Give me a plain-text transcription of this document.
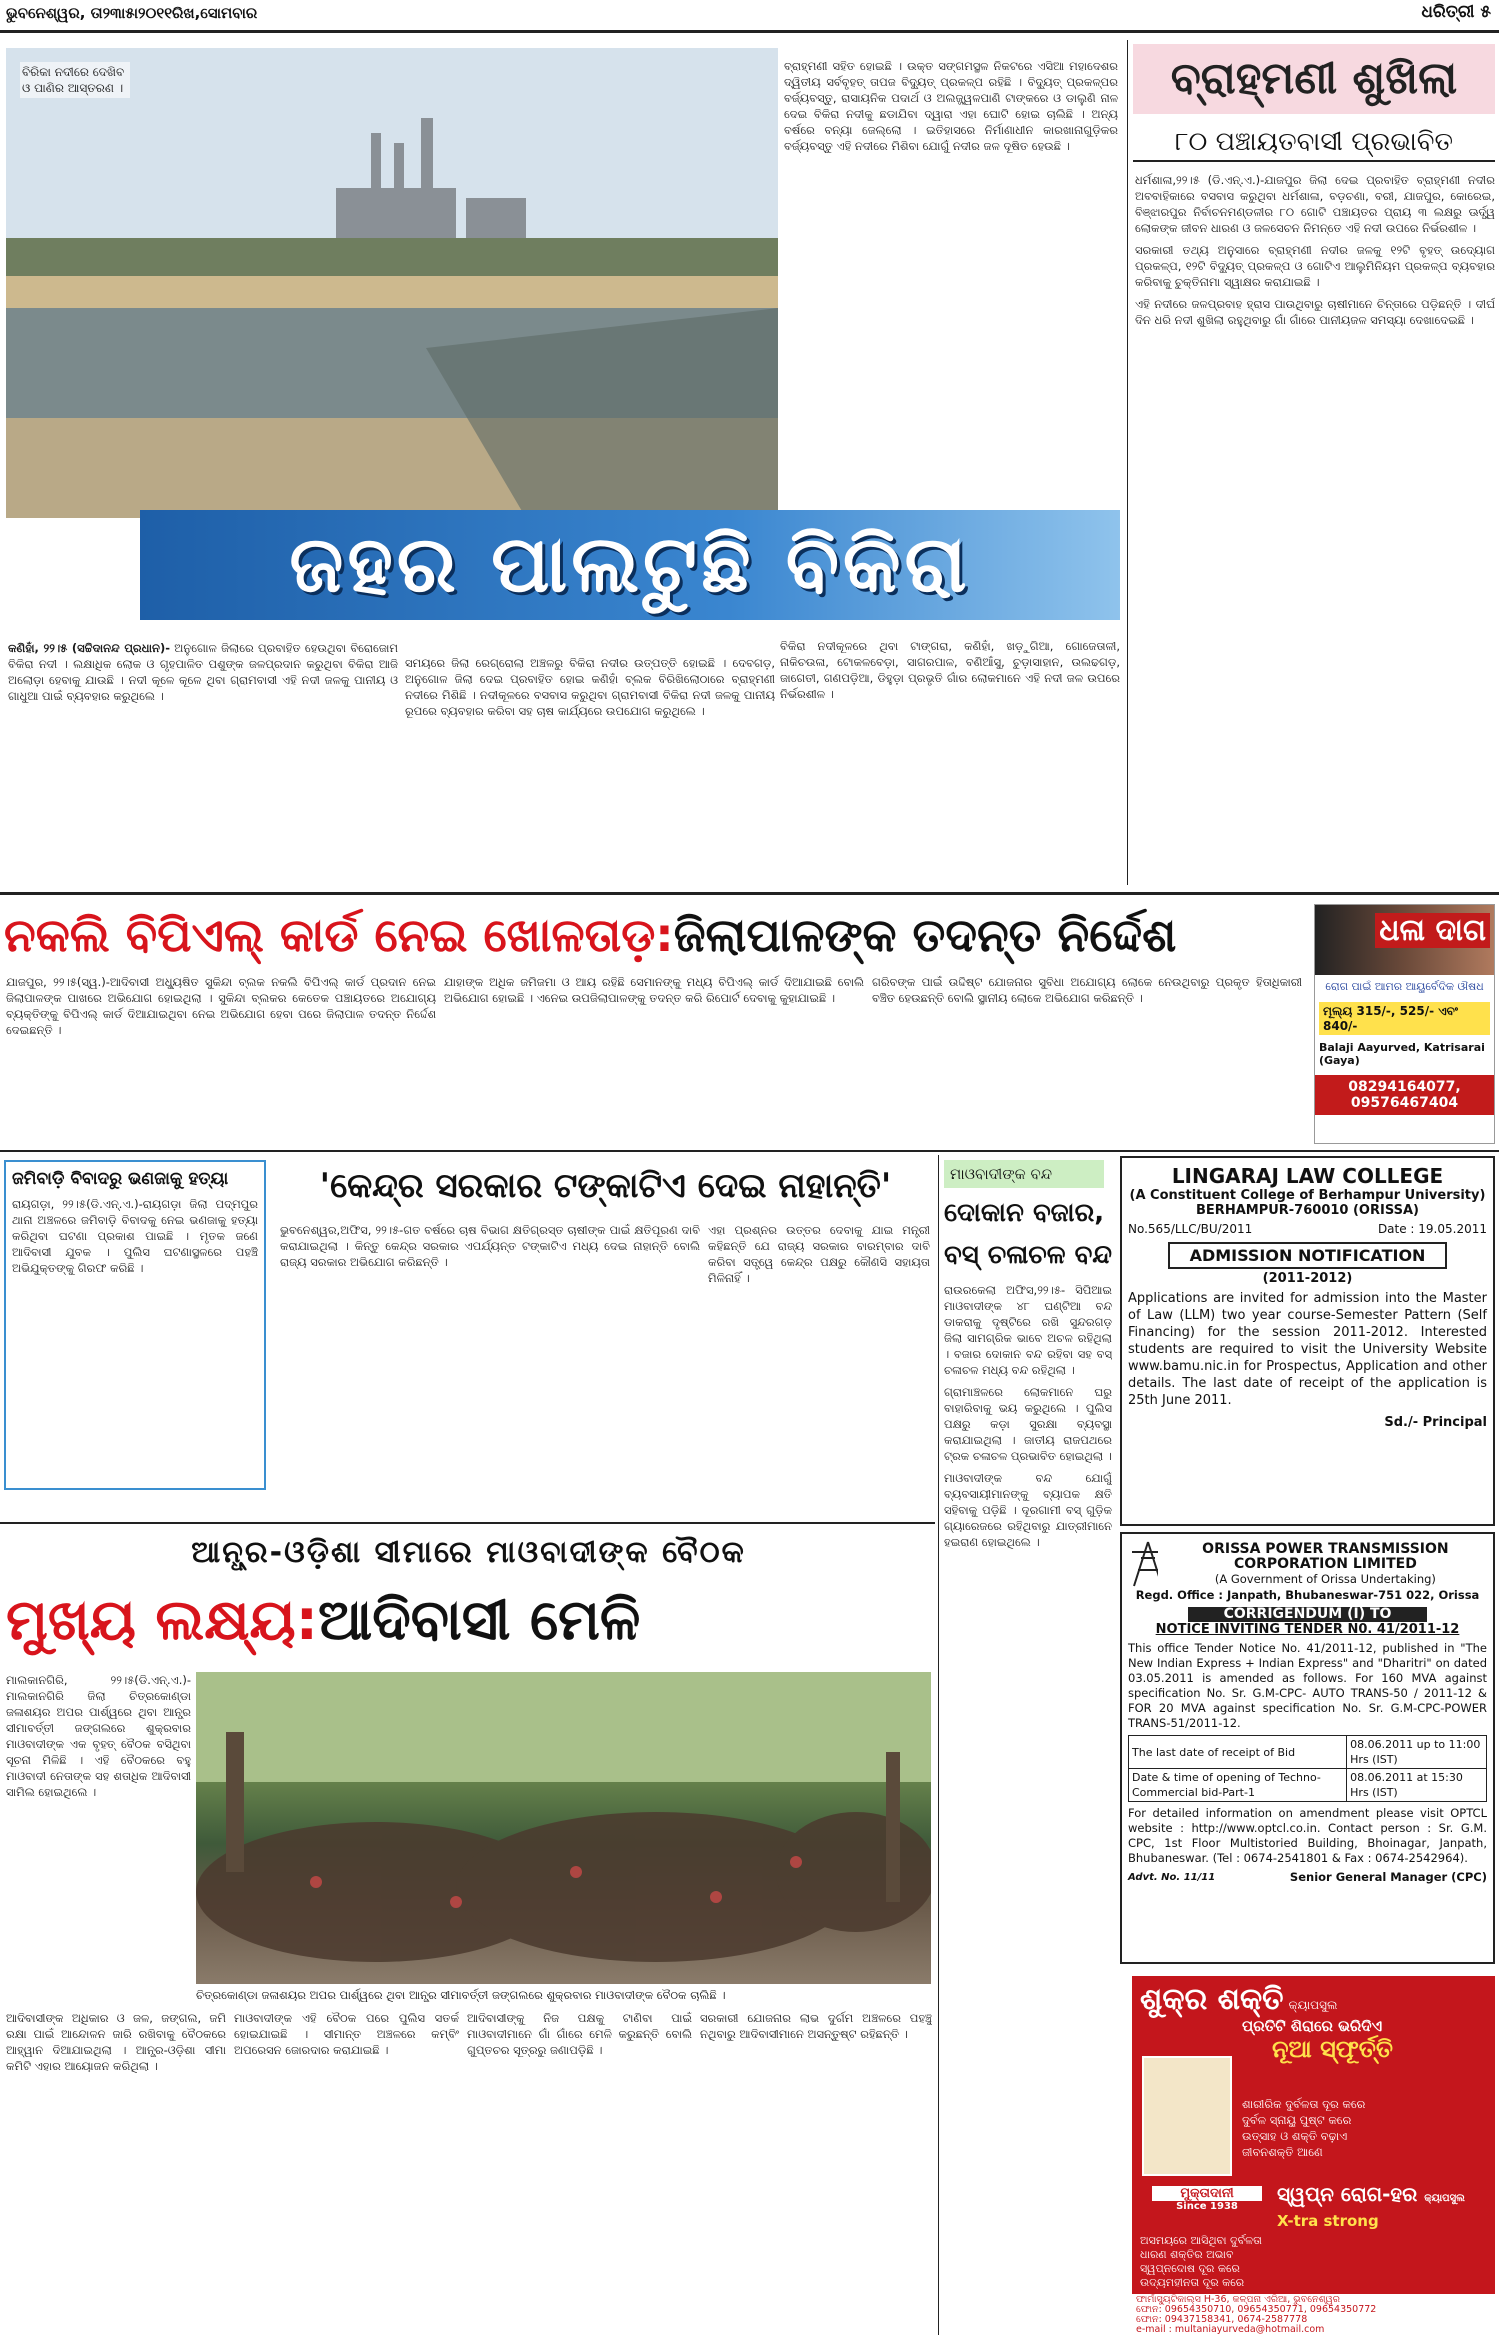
ଭୁବନେଶ୍ୱର, ତା୨୩ା୫ା୨୦୧୧ରିଖ,ସୋମବାର	ଧରିତ୍ରୀ ୫
ବିରିକା ନଦୀରେ ଦେଖିବ ଓ ପାଣିର ଆସ୍ତରଣ ।
ଜହର ପାଲଟୁଛି ବିକିରା
ବ୍ରାହ୍ମଣୀ ସହିତ ହୋଇଛି । ଉକ୍ତ ସଙ୍ଗମସ୍ଥଳ ନିକଟରେ ଏସିଆ ମହାଦେଶର ଦ୍ୱିତୀୟ ସର୍ବବୃହତ୍ ତାପଜ ବିଦ୍ୟୁତ୍ ପ୍ରକଳ୍ପ ରହିଛି । ବିଦ୍ୟୁତ୍ ପ୍ରକଳ୍ପର ବର୍ଜ୍ୟବସ୍ତୁ, ରାସାୟନିକ ପଦାର୍ଥ ଓ ଅଲଜ୍ଜ୍ୱଳପାଣି ଟାଙ୍କରେ ଓ ଡାଲୁଣି ନାଳ ଦେଇ ବିକିରା ନଦୀକୁ ଛଡାଯିବା ଦ୍ୱାରା ଏହା ଘୋଟି ହୋଇ ଚାଲିଛି । ଅନ୍ୟ ବର୍ଷରେ ବନ୍ୟା ଜେଲ୍ଲୋ । ଇତିହାସରେ ନିର୍ମାଣାଧୀନ କାରଖାନାଗୁଡ଼ିକର ବର୍ଜ୍ୟବସ୍ତୁ ଏହି ନଦୀରେ ମିଶିବା ଯୋଗୁଁ ନଦୀର ଜଳ ଦୂଷିତ ହେଉଛି ।
କଣିହାଁ, ୨୨।୫ (ସଚ୍ଚିଦାନନ୍ଦ ପ୍ରଧାନ)- ଅନୁଗୋଳ ଜିଲାରେ ପ୍ରବାହିତ ହେଉଥିବା ବିରୋଜୋମ ବିକିରା ନଦୀ । ଲକ୍ଷାଧିକ ଲୋକ ଓ ଗୃହପାଳିତ ପଶୁଙ୍କ ଜଳପ୍ରଦାନ କରୁଥିବା ବିକିରା ଆଜି ଅଲୋଡ଼ା ହେବାକୁ ଯାଉଛି । ନଦୀ କୂଳେ କୂଳେ ଥିବା ଗ୍ରାମବାସୀ ଏହି ନଦୀ ଜଳକୁ ପାନୀୟ ଓ ଗାଧୁଆ ପାଇଁ ବ୍ୟବହାର କରୁଥିଲେ ।
ସମୟରେ ଜିଲା ରେଗ୍ରୋଲା ଅଞ୍ଚଳରୁ ବିକିରା ନଦୀର ଉତ୍ପତ୍ତି ହୋଇଛି । ଦେବଗଡ଼, ଅନୁଗୋଳ ଜିଲା ଦେଇ ପ୍ରବାହିତ ହୋଇ କଣିହାଁ ବ୍ଲକ ବିରିଖିଲୋଠାରେ ବ୍ରାହ୍ମଣୀ ନଦୀରେ ମିଶିଛି । ନଦୀକୂଳରେ ବସବାସ କରୁଥିବା ଗ୍ରାମବାସୀ ବିକିରା ନଦୀ ଜଳକୁ ପାନୀୟ ରୂପରେ ବ୍ୟବହାର କରିବା ସହ ଚାଷ କାର୍ଯ୍ୟରେ ଉପଯୋଗ କରୁଥିଲେ ।
ବିକିରା ନଦୀକୂଳରେ ଥିବା ଟାଙ୍ଗରା, କଣିହାଁ, ଖଡ଼ୁଗିଆ, ଗୋଜେତାଳୀ, ନାକିଚଉଳା, ଟୋକଳବେଡ଼ା, ସାଗରପାଳ, ବଣିଆଁସୁ, ଚୁଡ଼ାସାହାନ, ଉଲଢଗଡ଼, ଜାଗେତୀ, ଗଣପଡ଼ିଆ, ଡିହୁଡ଼ା ପ୍ରଭୃତି ଗାଁର ଲୋକମାନେ ଏହି ନଦୀ ଜଳ ଉପରେ ନିର୍ଭରଶୀଳ ।
ବ୍ରାହ୍ମଣୀ ଶୁଖିଲା
୮୦ ପଞ୍ଚାୟତବାସୀ ପ୍ରଭାବିତ

ଧର୍ମଶାଳା,୨୨।୫ (ଡି.ଏନ୍.ଏ.)-ଯାଜପୁର ଜିଲା ଦେଇ ପ୍ରବାହିତ ବ୍ରାହ୍ମଣୀ ନଦୀର ଅବବାହିକାରେ ବସବାସ କରୁଥିବା ଧର୍ମଶାଳା, ବଡ଼ଚଣା, ବରୀ, ଯାଜପୁର, କୋରେଇ, ବିଞ୍ଝାରପୁର ନିର୍ବାଚନମଣ୍ଡଳୀର ୮୦ ଗୋଟି ପଞ୍ଚାୟତର ପ୍ରାୟ ୩ ଲକ୍ଷରୁ ଊର୍ଦ୍ଧ୍ୱ ଲୋକଙ୍କ ଜୀବନ ଧାରଣ ଓ ଜଳସେଚନ ନିମନ୍ତେ ଏହି ନଦୀ ଉପରେ ନିର୍ଭରଶୀଳ ।

ସରକାରୀ ତଥ୍ୟ ଅନୁସାରେ ବ୍ରାହ୍ମଣୀ ନଦୀର ଜଳକୁ ୧୨ଟି ବୃହତ୍ ଉଦ୍ୟୋଗ ପ୍ରକଳ୍ପ, ୧୨ଟି ବିଦ୍ୟୁତ୍ ପ୍ରକଳ୍ପ ଓ ଗୋଟିଏ ଆଲୁମିନିୟମ ପ୍ରକଳ୍ପ ବ୍ୟବହାର କରିବାକୁ ଚୁକ୍ତିନାମା ସ୍ୱାକ୍ଷର କରାଯାଇଛି ।

ଏହି ନଦୀରେ ଜଳପ୍ରବାହ ହ୍ରାସ ପାଉଥିବାରୁ ଚାଷୀମାନେ ଚିନ୍ତାରେ ପଡ଼ିଛନ୍ତି । ଦୀର୍ଘ ଦିନ ଧରି ନଦୀ ଶୁଖିଲା ରହୁଥିବାରୁ ଗାଁ ଗାଁରେ ପାନୀୟଜଳ ସମସ୍ୟା ଦେଖାଦେଇଛି ।

ନକଲି ବିପିଏଲ୍ କାର୍ଡ ନେଇ ଖୋଳତାଡ଼:ଜିଲାପାଳଙ୍କ ତଦନ୍ତ ନିର୍ଦ୍ଦେଶ
ଯାଜପୁର, ୨୨।୫(ସ୍ୱ.)-ଆଦିବାସୀ ଅଧ୍ୟୁଷିତ ସୁକିନ୍ଦା ବ୍ଲକ ନକଲି ବିପିଏଲ୍ କାର୍ଡ ପ୍ରଦାନ ନେଇ ଜିଲାପାଳଙ୍କ ପାଖରେ ଅଭିଯୋଗ ହୋଇଥିଲା । ସୁକିନ୍ଦା ବ୍ଲକର କେତେକ ପଞ୍ଚାୟତରେ ଅଯୋଗ୍ୟ ବ୍ୟକ୍ତିଙ୍କୁ ବିପିଏଲ୍ କାର୍ଡ ଦିଆଯାଇଥିବା ନେଇ ଅଭିଯୋଗ ହେବା ପରେ ଜିଲାପାଳ ତଦନ୍ତ ନିର୍ଦ୍ଦେଶ ଦେଇଛନ୍ତି ।
ଯାହାଙ୍କ ଅଧିକ ଜମିଜମା ଓ ଆୟ ରହିଛି ସେମାନଙ୍କୁ ମଧ୍ୟ ବିପିଏଲ୍ କାର୍ଡ ଦିଆଯାଇଛି ବୋଲି ଅଭିଯୋଗ ହୋଇଛି । ଏନେଇ ଉପଜିଲାପାଳଙ୍କୁ ତଦନ୍ତ କରି ରିପୋର୍ଟ ଦେବାକୁ କୁହାଯାଇଛି ।
ଗରିବଙ୍କ ପାଇଁ ଉଦ୍ଦିଷ୍ଟ ଯୋଜନାର ସୁବିଧା ଅଯୋଗ୍ୟ ଲୋକେ ନେଉଥିବାରୁ ପ୍ରକୃତ ହିତାଧିକାରୀ ବଞ୍ଚିତ ହେଉଛନ୍ତି ବୋଲି ସ୍ଥାନୀୟ ଲୋକେ ଅଭିଯୋଗ କରିଛନ୍ତି ।
ଧଳା ଦାଗ
ରୋଗ ପାଇଁ ଆମର ଆୟୁର୍ବେଦିକ ଔଷଧ
ମୂଲ୍ୟ 315/-, 525/- ଏବଂ 840/-
Balaji Aayurved, Katrisarai (Gaya)
08294164077, 09576467404
ଜମିବାଡ଼ି ବିବାଦରୁ ଭଣଜାକୁ ହତ୍ୟା
ରାୟଗଡ଼ା, ୨୨।୫(ଡି.ଏନ୍.ଏ.)-ରାୟଗଡ଼ା ଜିଲା ପଦ୍ମପୁର ଥାନା ଅଞ୍ଚଳରେ ଜମିବାଡ଼ି ବିବାଦକୁ ନେଇ ଭଣଜାକୁ ହତ୍ୟା କରିଥିବା ଘଟଣା ପ୍ରକାଶ ପାଇଛି । ମୃତକ ଜଣେ ଆଦିବାସୀ ଯୁବକ । ପୁଲିସ ଘଟଣାସ୍ଥଳରେ ପହଞ୍ଚି ଅଭିଯୁକ୍ତଙ୍କୁ ଗିରଫ କରିଛି ।
'କେନ୍ଦ୍ର ସରକାର ଟଙ୍କାଟିଏ ଦେଇ ନାହାନ୍ତି'
ଭୁବନେଶ୍ୱର,ଅଫିସ, ୨୨।୫-ଗତ ବର୍ଷରେ ଚାଷ ବିଭାଗ କ୍ଷତିଗ୍ରସ୍ତ ଚାଷୀଙ୍କ ପାଇଁ କ୍ଷତିପୂରଣ ଦାବି କରାଯାଇଥିଲା । କିନ୍ତୁ କେନ୍ଦ୍ର ସରକାର ଏପର୍ଯ୍ୟନ୍ତ ଟଙ୍କାଟିଏ ମଧ୍ୟ ଦେଇ ନାହାନ୍ତି ବୋଲି ରାଜ୍ୟ ସରକାର ଅଭିଯୋଗ କରିଛନ୍ତି ।
ଏହା ପ୍ରଶ୍ନର ଉତ୍ତର ଦେବାକୁ ଯାଇ ମନ୍ତ୍ରୀ କହିଛନ୍ତି ଯେ ରାଜ୍ୟ ସରକାର ବାରମ୍ବାର ଦାବି କରିବା ସତ୍ତ୍ୱେ କେନ୍ଦ୍ର ପକ୍ଷରୁ କୌଣସି ସହାୟତା ମିଳିନାହିଁ ।
ମାଓବାଦୀଙ୍କ ବନ୍ଦ
ଦୋକାନ ବଜାର, ବସ୍ ଚଳାଚଳ ବନ୍ଦ

ରାଉରକେଲା ଅଫିସ,୨୨।୫- ସିପିଆଇ ମାଓବାଦୀଙ୍କ ୪୮ ଘଣ୍ଟିଆ ବନ୍ଦ ଡାକରାକୁ ଦୃଷ୍ଟିରେ ରଖି ସୁନ୍ଦରଗଡ଼ ଜିଲା ସାମଗ୍ରିକ ଭାବେ ଅଚଳ ରହିଥିଲା । ବଜାର ଦୋକାନ ବନ୍ଦ ରହିବା ସହ ବସ୍ ଚଳାଚଳ ମଧ୍ୟ ବନ୍ଦ ରହିଥିଲା ।

ଗ୍ରାମାଞ୍ଚଳରେ ଲୋକମାନେ ଘରୁ ବାହାରିବାକୁ ଭୟ କରୁଥିଲେ । ପୁଲିସ ପକ୍ଷରୁ କଡ଼ା ସୁରକ୍ଷା ବ୍ୟବସ୍ଥା କରାଯାଇଥିଲା । ଜାତୀୟ ରାଜପଥରେ ଟ୍ରକ ଚଳାଚଳ ପ୍ରଭାବିତ ହୋଇଥିଲା ।

ମାଓବାଦୀଙ୍କ ବନ୍ଦ ଯୋଗୁଁ ବ୍ୟବସାୟୀମାନଙ୍କୁ ବ୍ୟାପକ କ୍ଷତି ସହିବାକୁ ପଡ଼ିଛି । ଦୂରଗାମୀ ବସ୍ ଗୁଡ଼ିକ ଗ୍ୟାରେଜରେ ରହିଥିବାରୁ ଯାତ୍ରୀମାନେ ହଇରାଣ ହୋଇଥିଲେ ।

LINGARAJ LAW COLLEGE
(A Constituent College of Berhampur University)
BERHAMPUR-760010 (ORISSA)
No.565/LLC/BU/2011	Date : 19.05.2011
ADMISSION NOTIFICATION
(2011-2012)
Applications are invited for admission into the Master of Law (LLM) two year course-Semester Pattern (Self Financing) for the session 2011-2012. Interested students are required to visit the University Website www.bamu.nic.in for Prospectus, Application and other details. The last date of receipt of the application is 25th June 2011.
Sd./- Principal
ORISSA POWER TRANSMISSION CORPORATION LIMITED
(A Government of Orissa Undertaking)
Regd. Office : Janpath, Bhubaneswar-751 022, Orissa
CORRIGENDUM (I) TO
NOTICE INVITING TENDER N0. 41/2011-12
This office Tender Notice No. 41/2011-12, published in "The New Indian Express + Indian Express" and "Dharitri" on dated 03.05.2011 is amended as follows. For 160 MVA against specification No. Sr. G.M-CPC- AUTO TRANS-50 / 2011-12 & FOR 20 MVA against specification No. Sr. G.M-CPC-POWER TRANS-51/2011-12.
The last date of receipt of Bid	08.06.2011 up to 11:00 Hrs (IST)
Date & time of opening of Techno-Commercial bid-Part-1	08.06.2011 at 15:30 Hrs (IST)
For detailed information on amendment please visit OPTCL website : http://www.optcl.co.in. Contact person : Sr. G.M. CPC, 1st Floor Multistoried Building, Bhoinagar, Janpath, Bhubaneswar. (Tel : 0674-2541801 & Fax : 0674-2542964).
Advt. No. 11/11	Senior General Manager (CPC)
ଶୁକ୍ର ଶକ୍ତି କ୍ୟାପସୁଲ
ପ୍ରତିଟି ଶିରାରେ ଭରିଦିଏ
ନୂଆ ସ୍ଫୂର୍ତ୍ତି
ଶାରୀରିକ ଦୁର୍ବଳତା ଦୂର କରେ
ଦୁର୍ବଳ ସ୍ନାୟୁ ପୁଷ୍ଟ କରେ
ଉତ୍ସାହ ଓ ଶକ୍ତି ବଢ଼ାଏ
ଜୀବନଶକ୍ତି ଆଣେ
ମୁକ୍ତାଦାନୀ
Since 1938
ସ୍ୱପ୍ନ ରୋଗ-ହର କ୍ୟାପସୁଲ
X-tra strong
ଅସମୟରେ ଆସିଥିବା ଦୁର୍ବଳତା
ଧାରଣ ଶକ୍ତିର ଅଭାବ
ସ୍ୱପ୍ନଦୋଷ ଦୂର କରେ
ଉଦ୍ୟମହୀନତା ଦୂର କରେ
ଫାର୍ମାସ୍ୟୁଟିକାଲ୍ସ H-36, କଳ୍ପନା ଏରିଆ, ଭୁବନେଶ୍ୱର
ଫୋନ: 09654350710, 09654350771, 09654350772
ଫୋନ: 09437158341, 0674-2587778
e-mail : multaniayurveda@hotmail.com
ଆନ୍ଧ୍ର-ଓଡ଼ିଶା ସୀମାରେ ମାଓବାଦୀଙ୍କ ବୈଠକ
ମୁଖ୍ୟ ଲକ୍ଷ୍ୟ:ଆଦିବାସୀ ମେଳି
ମାଲକାନଗିରି, ୨୨।୫(ଡି.ଏନ୍.ଏ.)- ମାଲକାନଗିରି ଜିଲା ଚିତ୍ରକୋଣ୍ଡା ଜଳାଶୟର ଅପର ପାର୍ଶ୍ୱରେ ଥିବା ଆନ୍ଧ୍ର ସୀମାବର୍ତ୍ତୀ ଜଙ୍ଗଲରେ ଶୁକ୍ରବାର ମାଓବାଦୀଙ୍କ ଏକ ବୃହତ୍ ବୈଠକ ବସିଥିବା ସୂଚନା ମିଳିଛି । ଏହି ବୈଠକରେ ବହୁ ମାଓବାଦୀ ନେତାଙ୍କ ସହ ଶତାଧିକ ଆଦିବାସୀ ସାମିଲ ହୋଇଥିଲେ ।
ଚିତ୍ରକୋଣ୍ଡା ଜଳାଶୟର ଅପର ପାର୍ଶ୍ୱରେ ଥିବା ଆନ୍ଧ୍ର ସୀମାବର୍ତ୍ତୀ ଜଙ୍ଗଲରେ ଶୁକ୍ରବାର ମାଓବାଦୀଙ୍କ ବୈଠକ ଚାଲିଛି ।
ଆଦିବାସୀଙ୍କ ଅଧିକାର ଓ ଜଳ, ଜଙ୍ଗଲ, ଜମି ରକ୍ଷା ପାଇଁ ଆନ୍ଦୋଳନ ଜାରି ରଖିବାକୁ ବୈଠକରେ ଆହ୍ୱାନ ଦିଆଯାଇଥିଲା । ଆନ୍ଧ୍ର-ଓଡ଼ିଶା ସୀମା କମିଟି ଏହାର ଆୟୋଜନ କରିଥିଲା ।
ମାଓବାଦୀଙ୍କ ଏହି ବୈଠକ ପରେ ପୁଲିସ ସତର୍କ ହୋଇଯାଇଛି । ସୀମାନ୍ତ ଅଞ୍ଚଳରେ କମ୍ବିଂ ଅପରେସନ ଜୋରଦାର କରାଯାଇଛି ।
ଆଦିବାସୀଙ୍କୁ ନିଜ ପକ୍ଷକୁ ଟାଣିବା ପାଇଁ ମାଓବାଦୀମାନେ ଗାଁ ଗାଁରେ ମେଳି କରୁଛନ୍ତି ବୋଲି ଗୁପ୍ତଚର ସୂତ୍ରରୁ ଜଣାପଡ଼ିଛି ।
ସରକାରୀ ଯୋଜନାର ଲାଭ ଦୁର୍ଗମ ଅଞ୍ଚଳରେ ପହଞ୍ଚୁ ନଥିବାରୁ ଆଦିବାସୀମାନେ ଅସନ୍ତୁଷ୍ଟ ରହିଛନ୍ତି ।
